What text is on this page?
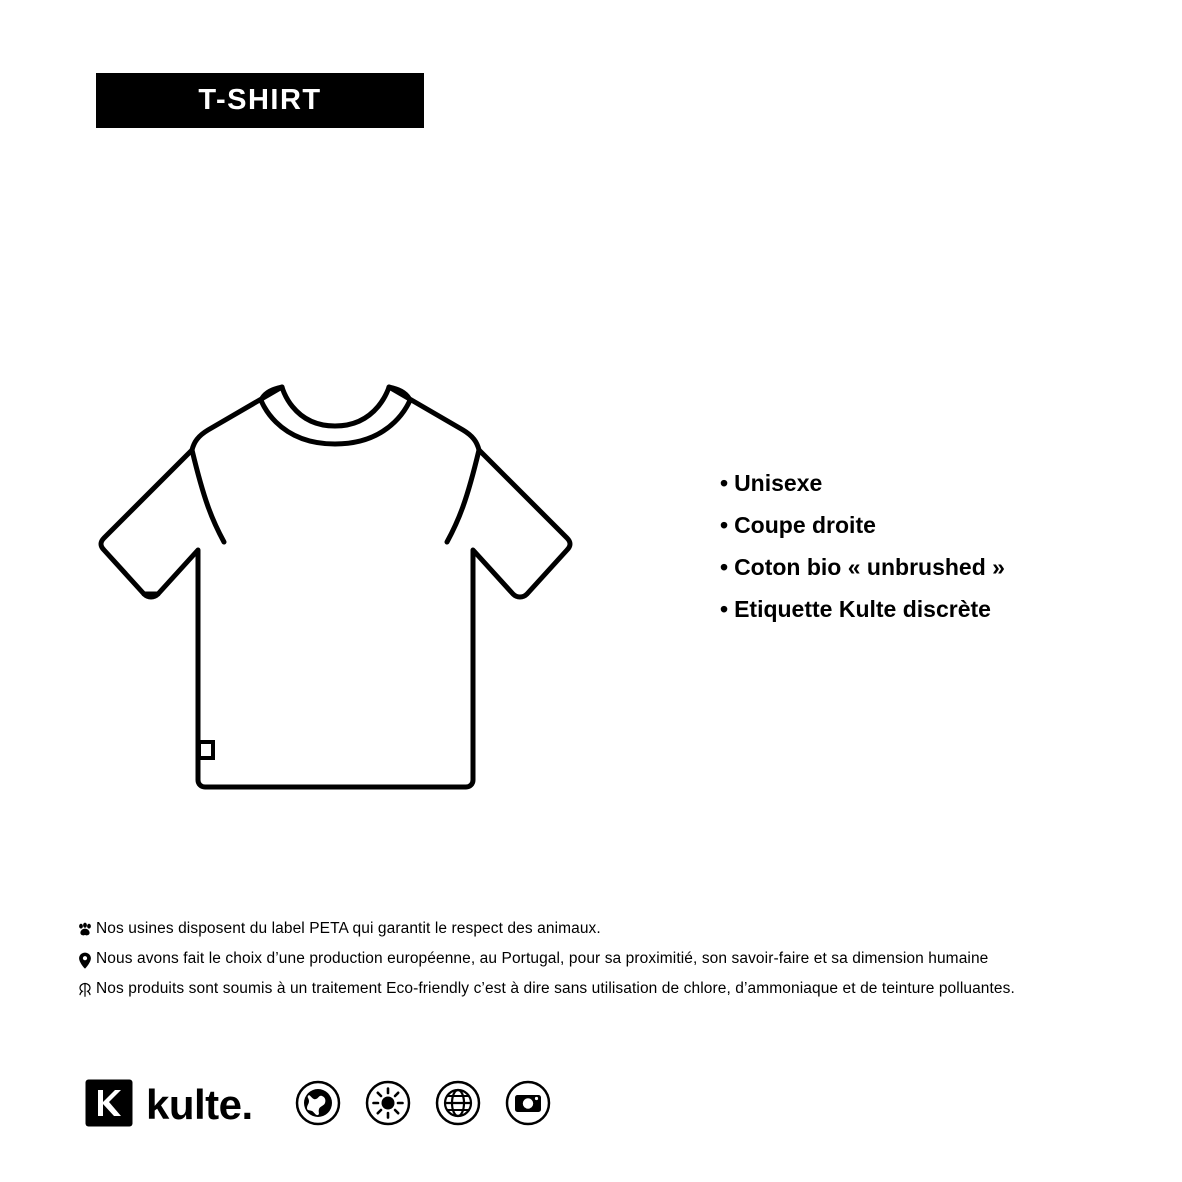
T-SHIRT
• Unisexe
• Coupe droite
• Coton bio « unbrushed »
• Etiquette Kulte discrète
Nos usines disposent du label PETA qui garantit le respect des animaux.
Nous avons fait le choix d’une production européenne, au Portugal, pour sa proximitié, son savoir-faire et sa dimension humaine
Nos produits sont soumis à un traitement Eco-friendly c’est à dire sans utilisation de chlore, d’ammoniaque et de teinture polluantes.
kulte .
